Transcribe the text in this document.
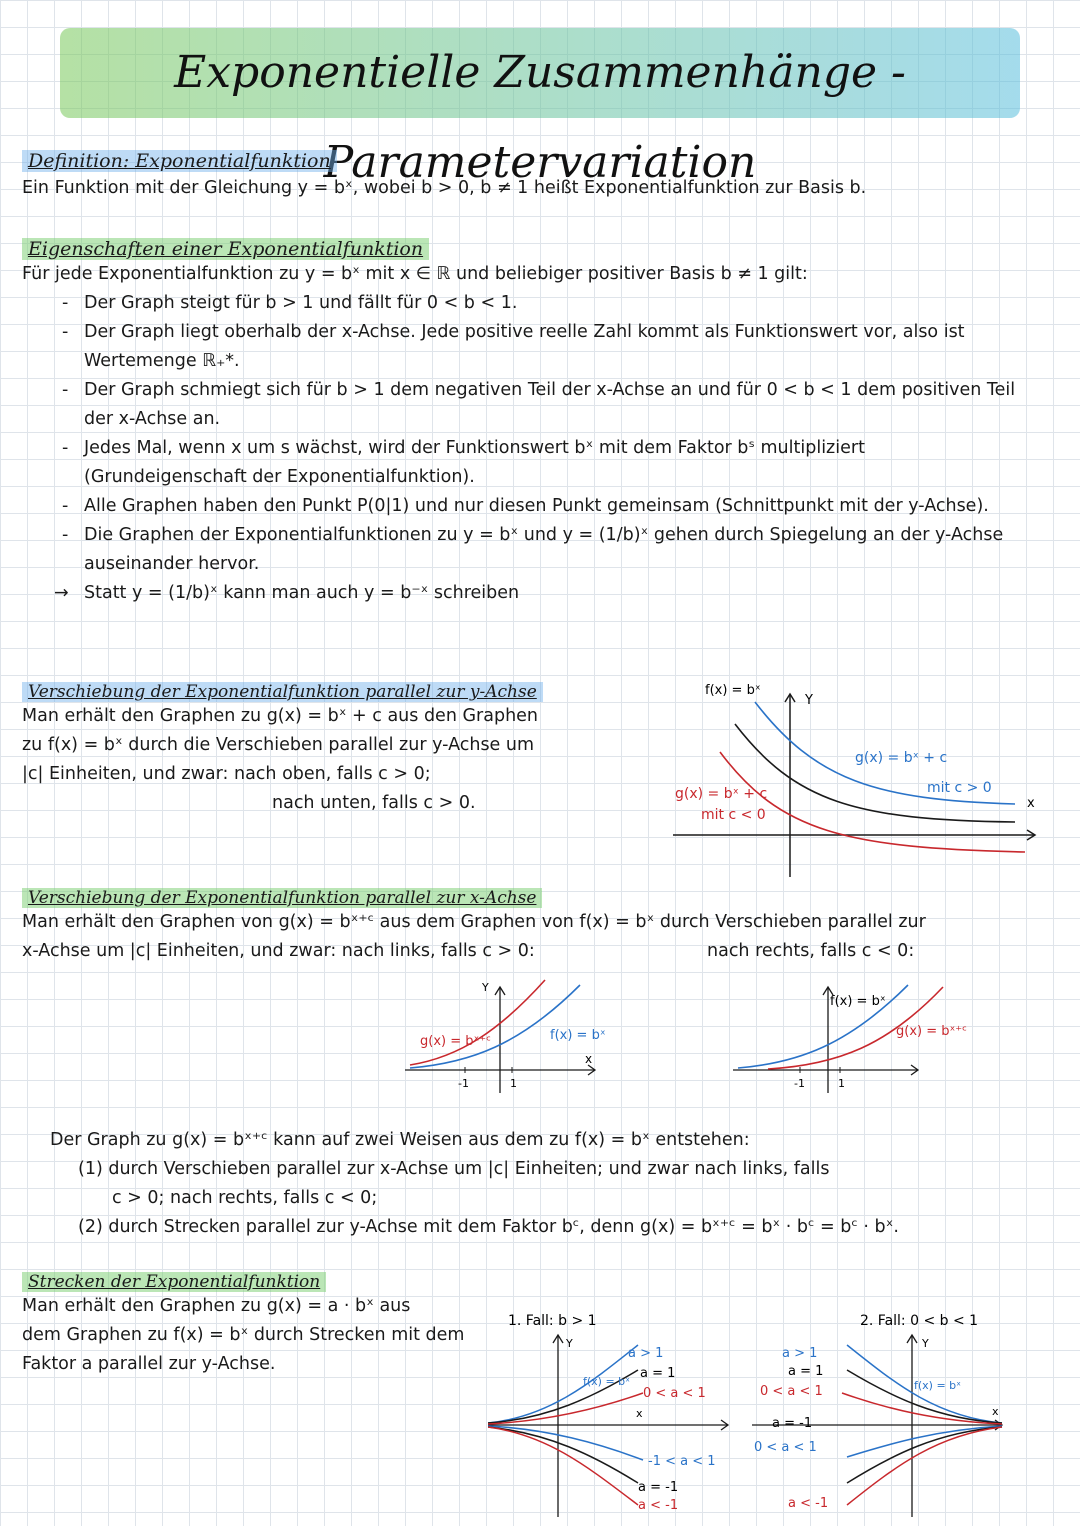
Exponentielle Zusammenhänge - Parametervariation
Definition: Exponentialfunktion
Ein Funktion mit der Gleichung y = bˣ, wobei b > 0, b ≠ 1 heißt Exponentialfunktion zur Basis b.
Eigenschaften einer Exponentialfunktion
Für jede Exponentialfunktion zu y = bˣ mit x ∈ ℝ und beliebiger positiver Basis b ≠ 1 gilt:
- Der Graph steigt für b > 1 und fällt für 0 < b < 1.
- Der Graph liegt oberhalb der x-Achse. Jede positive reelle Zahl kommt als Funktionswert vor, also ist Wertemenge ℝ₊*.
- Der Graph schmiegt sich für b > 1 dem negativen Teil der x-Achse an und für 0 < b < 1 dem positiven Teil der x-Achse an.
- Jedes Mal, wenn x um s wächst, wird der Funktionswert bˣ mit dem Faktor bˢ multipliziert (Grundeigenschaft der Exponentialfunktion).
- Alle Graphen haben den Punkt P(0|1) und nur diesen Punkt gemeinsam (Schnittpunkt mit der y-Achse).
- Die Graphen der Exponentialfunktionen zu y = bˣ und y = (1/b)ˣ gehen durch Spiegelung an der y-Achse auseinander hervor.
→ Statt y = (1/b)ˣ kann man auch y = b⁻ˣ schreiben
Verschiebung der Exponentialfunktion parallel zur y-Achse
Man erhält den Graphen zu g(x) = bˣ + c aus den Graphen
zu f(x) = bˣ durch die Verschieben parallel zur y-Achse um
|c| Einheiten, und zwar: nach oben, falls c > 0;
nach unten, falls c > 0.
f(x) = bˣ
Y
g(x) = bˣ + c
mit c > 0
g(x) = bˣ + c
mit c < 0
x
Verschiebung der Exponentialfunktion parallel zur x-Achse
Man erhält den Graphen von g(x) = bˣ⁺ᶜ aus dem Graphen von f(x) = bˣ durch Verschieben parallel zur
x-Achse um |c| Einheiten, und zwar: nach links, falls c > 0:	nach rechts, falls c < 0:
g(x) = bˣ⁺ᶜ	f(x) = bˣ
Y
x
-1	1
f(x) = bˣ
g(x) = bˣ⁺ᶜ
-1	1
Der Graph zu g(x) = bˣ⁺ᶜ kann auf zwei Weisen aus dem zu f(x) = bˣ entstehen:
(1) durch Verschieben parallel zur x-Achse um |c| Einheiten; und zwar nach links, falls
c > 0; nach rechts, falls c < 0;
(2) durch Strecken parallel zur y-Achse mit dem Faktor bᶜ, denn g(x) = bˣ⁺ᶜ = bˣ · bᶜ = bᶜ · bˣ.
Strecken der Exponentialfunktion
Man erhält den Graphen zu g(x) = a · bˣ aus
dem Graphen zu f(x) = bˣ durch Strecken mit dem
Faktor a parallel zur y-Achse.
1. Fall: b > 1
Y
f(x) = bˣ
a > 1
a = 1
0 < a < 1
x
-1 < a < 1
a = -1
a < -1
2. Fall: 0 < b < 1
Y
f(x) = bˣ
a > 1
a = 1
0 < a < 1
x
a = -1
0 < a < 1
a < -1
